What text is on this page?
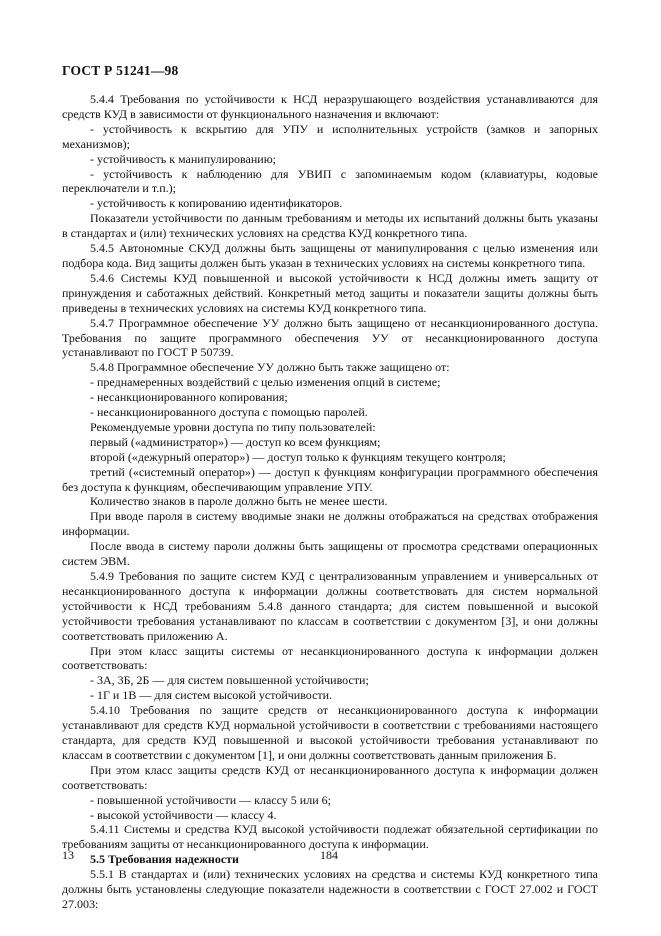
ГОСТ Р 51241—98

5.4.4 Требования по устойчивости к НСД неразрушающего воздействия устанавливаются для средств КУД в зависимости от функционального назначения и включают:

- устойчивость к вскрытию для УПУ и исполнительных устройств (замков и запорных механизмов);

- устойчивость к манипулированию;

- устойчивость к наблюдению для УВИП с запоминаемым кодом (клавиатуры, кодовые переключатели и т.п.);

- устойчивость к копированию идентификаторов.

Показатели устойчивости по данным требованиям и методы их испытаний должны быть указаны в стандартах и (или) технических условиях на средства КУД конкретного типа.

5.4.5 Автономные СКУД должны быть защищены от манипулирования с целью изменения или подбора кода. Вид защиты должен быть указан в технических условиях на системы конкретного типа.

5.4.6 Системы КУД повышенной и высокой устойчивости к НСД должны иметь защиту от принуждения и саботажных действий. Конкретный метод защиты и показатели защиты должны быть приведены в технических условиях на системы КУД конкретного типа.

5.4.7 Программное обеспечение УУ должно быть защищено от несанкционированного доступа. Требования по защите программного обеспечения УУ от несанкционированного доступа устанавливают по ГОСТ Р 50739.

5.4.8 Программное обеспечение УУ должно быть также защищено от:

- преднамеренных воздействий с целью изменения опций в системе;

- несанкционированного копирования;

- несанкционированного доступа с помощью паролей.

Рекомендуемые уровни доступа по типу пользователей:

первый («администратор») — доступ ко всем функциям;

второй («дежурный оператор») — доступ только к функциям текущего контроля;

третий («системный оператор») — доступ к функциям конфигурации программного обеспечения без доступа к функциям, обеспечивающим управление УПУ.

Количество знаков в пароле должно быть не менее шести.

При вводе пароля в систему вводимые знаки не должны отображаться на средствах отображения информации.

После ввода в систему пароли должны быть защищены от просмотра средствами операционных систем ЭВМ.

5.4.9 Требования по защите систем КУД с централизованным управлением и универсальных от несанкционированного доступа к информации должны соответствовать для систем нормальной устойчивости к НСД требованиям 5.4.8 данного стандарта; для систем повышенной и высокой устойчивости требования устанавливают по классам в соответствии с документом [3], и они должны соответствовать приложению А.

При этом класс защиты системы от несанкционированного доступа к информации должен соответствовать:

- 3А, 3Б, 2Б — для систем повышенной устойчивости;

- 1Г и 1В — для систем высокой устойчивости.

5.4.10 Требования по защите средств от несанкционированного доступа к информации устанавливают для средств КУД нормальной устойчивости в соответствии с требованиями настоящего стандарта, для средств КУД повышенной и высокой устойчивости требования устанавливают по классам в соответствии с документом [1], и они должны соответствовать данным приложения Б.

При этом класс защиты средств КУД от несанкционированного доступа к информации должен соответствовать:

- повышенной устойчивости — классу 5 или 6;

- высокой устойчивости — классу 4.

5.4.11 Системы и средства КУД высокой устойчивости подлежат обязательной сертификации по требованиям защиты от несанкционированного доступа к информации.

5.5 Требования надежности

5.5.1 В стандартах и (или) технических условиях на средства и системы КУД конкретного типа должны быть установлены следующие показатели надежности в соответствии с ГОСТ 27.002 и ГОСТ 27.003:

13	184
